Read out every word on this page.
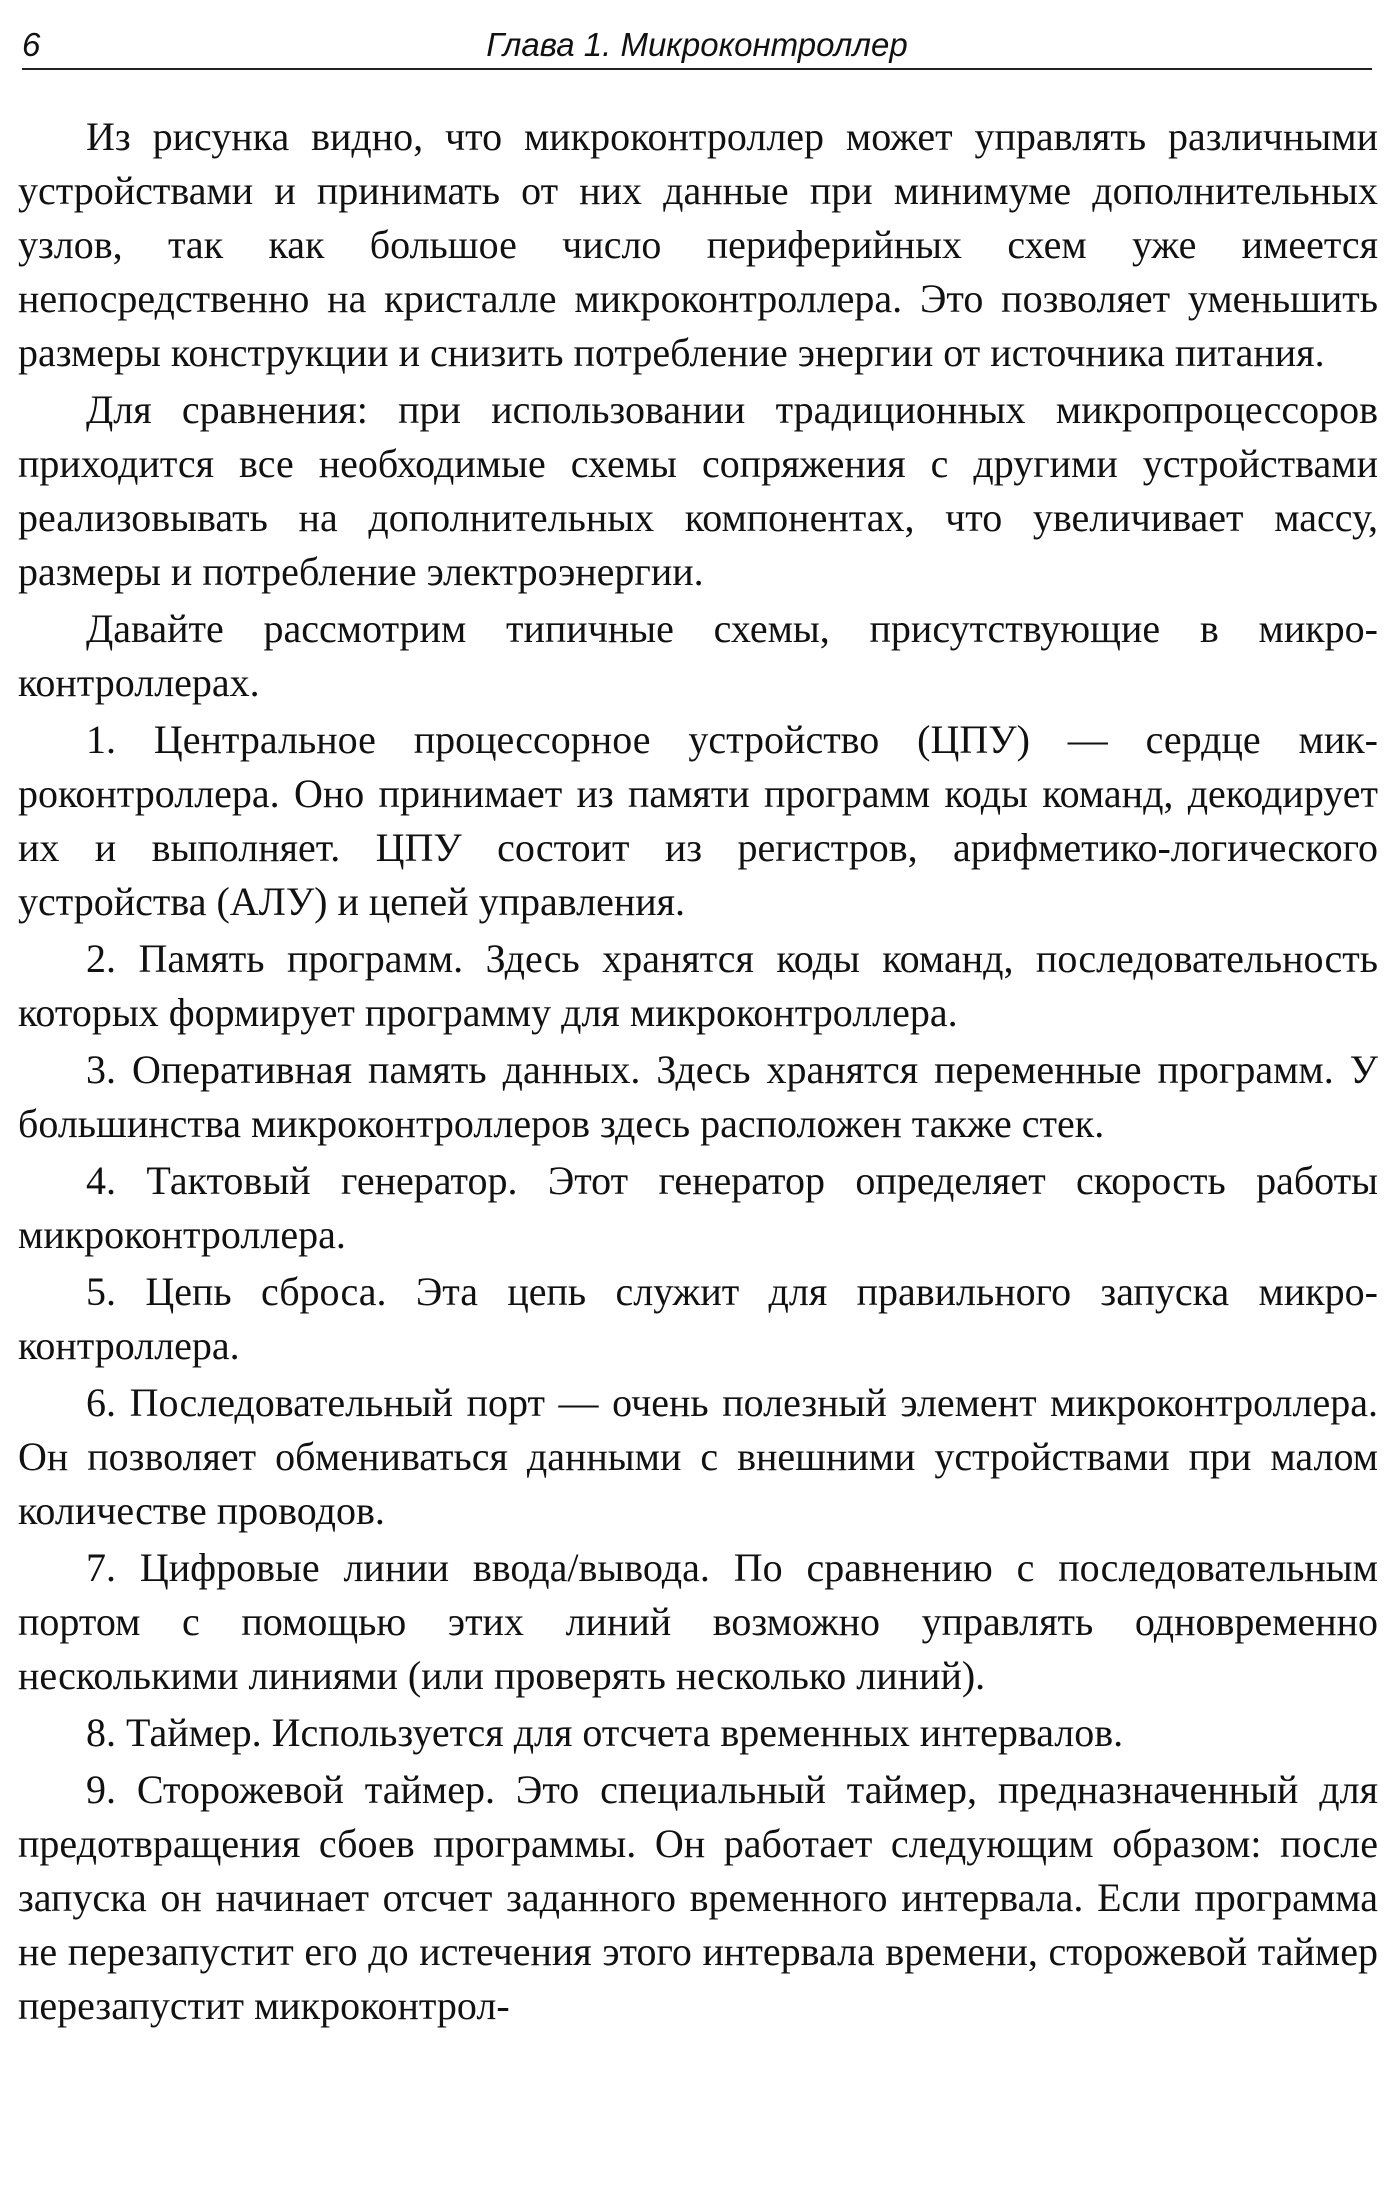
6	Глава 1. Микроконтроллер

Из рисунка видно, что микроконтроллер может управлять различными устройствами и принимать от них данные при минимуме дополнительных узлов, так как большое число периферийных схем уже имеется непосредственно на кристалле микроконтроллера. Это позволяет уменьшить размеры конструкции и снизить потребление энергии от источника питания.

Для сравнения: при использовании традиционных микропроцессоров приходится все необходимые схемы сопряжения с другими устройствами реализовывать на дополнительных компонентах, что увеличивает массу, размеры и потребление электроэнергии.

Давайте рассмотрим типичные схемы, присутствующие в микроконтроллерах.

1. Центральное процессорное устройство (ЦПУ) — сердце микроконтроллера. Оно принимает из памяти программ коды команд, декодирует их и выполняет. ЦПУ состоит из регистров, арифметико-логического устройства (АЛУ) и цепей управления.

2. Память программ. Здесь хранятся коды команд, последовательность которых формирует программу для микроконтроллера.

3. Оперативная память данных. Здесь хранятся переменные программ. У большинства микроконтроллеров здесь расположен также стек.

4. Тактовый генератор. Этот генератор определяет скорость работы микроконтроллера.

5. Цепь сброса. Эта цепь служит для правильного запуска микроконтроллера.

6. Последовательный порт — очень полезный элемент микроконтроллера. Он позволяет обмениваться данными с внешними устройствами при малом количестве проводов.

7. Цифровые линии ввода/вывода. По сравнению с последовательным портом с помощью этих линий возможно управлять одновременно несколькими линиями (или проверять несколько линий).

8. Таймер. Используется для отсчета временных интервалов.

9. Сторожевой таймер. Это специальный таймер, предназначенный для предотвращения сбоев программы. Он работает следующим образом: после запуска он начинает отсчет заданного временного интервала. Если программа не перезапустит его до истечения этого интервала времени, сторожевой таймер перезапустит микроконтрол-
